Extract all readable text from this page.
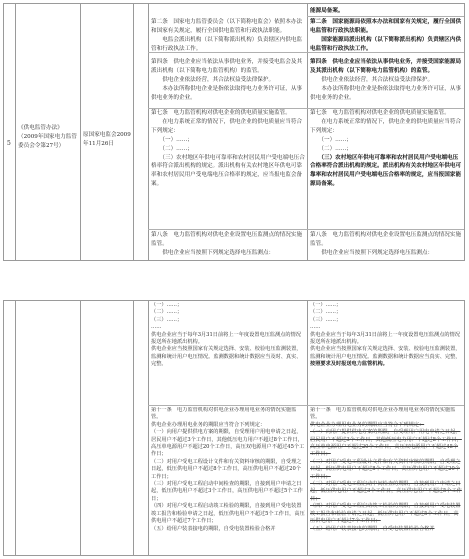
5

《供电监管办法》（2009年国家电力监管委员会令第27号）

原国家电监会2009年11月26日

第二条　国家电力监管委员会（以下简称电监会）依照本办法和国家有关规定，履行全国供电监管和行政执法职能。

　　电监会派出机构（以下简称派出机构）负责辖区内供电监管和行政执法工作。

第四条　供电企业应当依法从事供电业务，并接受电监会及其派出机构（以下简称电力监管机构）的监管。

　　供电企业依法经营，其合法权益受法律保护。

　　本办法所称供电企业是指依法取得电力业务许可证，从事供电业务的企业。

第七条　电力监管机构对供电企业的供电质量实施监管。

　　在电力系统正常的情况下，供电企业的供电质量应当符合下列规定：

　　（一）……；

　　（二）……；

　　（三）农村地区年供电可靠率和农村居民用户受电端电压合格率符合派出机构的规定。派出机构有关农村地区年供电可靠率和农村居民用户受电端电压合格率的规定，应当报电监会备案。

第八条　电力监管机构对供电企业设置电压监测点的情况实施监管。

　　供电企业应当按照下列规定选择电压监测点：

能源局备案。

第二条　国家能源局依照本办法和国家有关规定，履行全国供电监管和行政执法职能。

　　国家能源局派出机构（以下简称派出机构）负责辖区内供电监管和行政执法工作。

第四条　供电企业应当依法从事供电业务，并接受国家能源局及其派出机构（以下简称电力监管机构）的监管。

　　供电企业依法经营，其合法权益受法律保护。

　　本办法所称供电企业是指依法取得电力业务许可证，从事供电业务的企业。

第七条　电力监管机构对供电企业的供电质量实施监管。

　　在电力系统正常的情况下，供电企业的供电质量应当符合下列规定：

　　（一）……；

　　（二）……；

　　（三）农村地区年供电可靠率和农村居民用户受电端电压合格率符合派出机构的规定。派出机构有关农村地区年供电可靠率和农村居民用户受电端电压合格率的规定，应当报国家能源局备案。

第八条　电力监管机构对供电企业设置电压监测点的情况实施监管。

　　供电企业应当按照下列规定选择电压监测点：

（一）……；

（二）……；

（三）……；

……

供电企业应当于每年3月31日前将上一年度设置电压监测点的情况报送所在地派出机构。

供电企业应当按照国家有关规定选择、安装、校验电压监测装置，监测和统计用户电压情况。监测数据和统计数据应当及时、真实、完整。

第十一条　电力监管机构对供电企业办理用电业务的情况实施监管。

供电企业办理用电业务的期限应当符合下列规定：

（一）向用户提供供电方案的期限，自受理用户用电申请之日起，居民用户不超过3个工作日，其他低压电力用户不超过8个工作日，高压单电源用户不超过20个工作日，高压双电源用户不超过45个工作日；

（二）对用户受电工程设计文件和有关资料审核的期限，自受理之日起，低压供电用户不超过8个工作日，高压供电用户不超过20个工作日；

（三）对用户受电工程启动中间检查的期限，自接到用户申请之日起，低压供电用户不超过3个工作日，高压供电用户不超过5个工作日；

（四）对用户受电工程启动竣工检验的期限，自接到用户受电装置竣工报告和检验申请之日起，低压供电用户不超过5个工作日，高压供电用户不超过7个工作日；

（五）给用户装表接电的期限，自受电装置检验合格并

（一）……；

（二）……；

（三）……；

……

供电企业应当于每年3月31日前将上一年度设置电压监测点的情况报送所在地派出机构。

供电企业应当按照国家有关规定选择、安装、校验电压监测装置，监测和统计用户电压情况。监测数据和统计数据应当真实、完整，

按照要求及时报送电力监管机构。

第十一条　电力监管机构对供电企业办理用电业务的情况实施监管。

供电企业办理用电业务的期限应当符合下列规定：

（一）向用户提供供电方案的期限，自受理用户用电申请之日起，居民用户不超过3个工作日，其他低压电力用户不超过8个工作日，高压单电源用户不超过20个工作日，高压双电源用户不超过45个工作日；

（二）对用户受电工程设计文件和有关资料审核的期限，自受理之日起，低压供电用户不超过8个工作日，高压供电用户不超过20个工作日；

（三）对用户受电工程启动中间检查的期限，自接到用户申请之日起，低压供电用户不超过3个工作日，高压供电用户不超过5个工作日；

（四）对用户受电工程启动竣工检验的期限，自接到用户受电装置竣工报告和检验申请之日起，低压供电用户不超过5个工作日，高压供电用户不超过7个工作日；

（五）给用户装表接电的期限，自受电装置检验合格并
